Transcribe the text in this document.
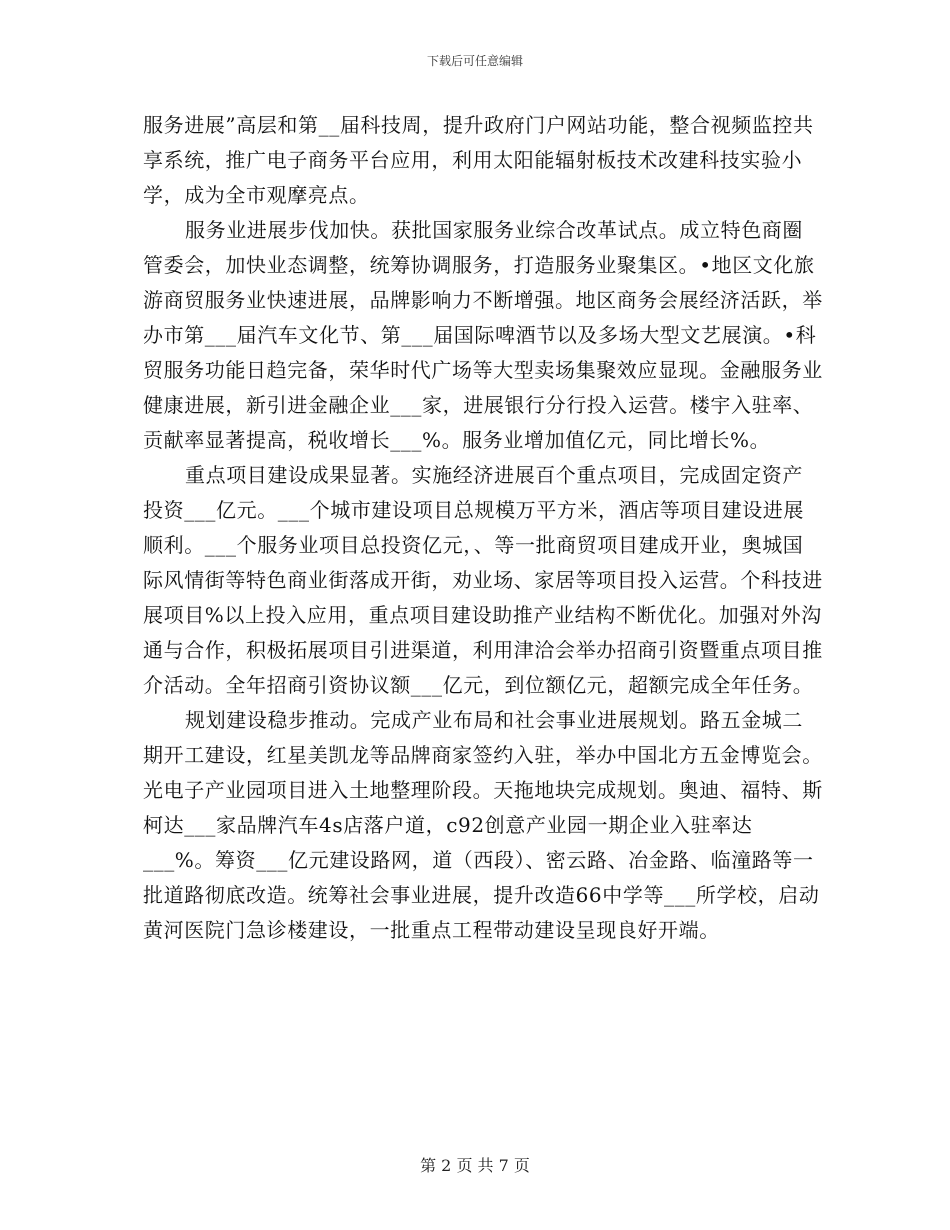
下载后可任意编辑

服务进展”高层和第__届科技周，提升政府门户网站功能，整合视频监控共享系统，推广电子商务平台应用，利用太阳能辐射板技术改建科技实验小学，成为全市观摩亮点。

服务业进展步伐加快。获批国家服务业综合改革试点。成立特色商圈管委会，加快业态调整，统筹协调服务，打造服务业聚集区。•地区文化旅游商贸服务业快速进展，品牌影响力不断增强。地区商务会展经济活跃，举办市第___届汽车文化节、第___届国际啤酒节以及多场大型文艺展演。•科贸服务功能日趋完备，荣华时代广场等大型卖场集聚效应显现。金融服务业健康进展，新引进金融企业___家，进展银行分行投入运营。楼宇入驻率、贡献率显著提高，税收增长___%。服务业增加值亿元，同比增长%。

重点项目建设成果显著。实施经济进展百个重点项目，完成固定资产投资___亿元。___个城市建设项目总规模万平方米，酒店等项目建设进展顺利。___个服务业项目总投资亿元，、等一批商贸项目建成开业，奥城国际风情街等特色商业街落成开街，劝业场、家居等项目投入运营。个科技进展项目%以上投入应用，重点项目建设助推产业结构不断优化。加强对外沟通与合作，积极拓展项目引进渠道，利用津洽会举办招商引资暨重点项目推介活动。全年招商引资协议额___亿元，到位额亿元，超额完成全年任务。

规划建设稳步推动。完成产业布局和社会事业进展规划。路五金城二期开工建设，红星美凯龙等品牌商家签约入驻，举办中国北方五金博览会。光电子产业园项目进入土地整理阶段。天拖地块完成规划。奥迪、福特、斯柯达___家品牌汽车4s店落户道，c92创意产业园一期企业入驻率达___%。筹资___亿元建设路网，道（西段）、密云路、冶金路、临潼路等一批道路彻底改造。统筹社会事业进展，提升改造66中学等___所学校，启动黄河医院门急诊楼建设，一批重点工程带动建设呈现良好开端。

第 2 页 共 7 页
